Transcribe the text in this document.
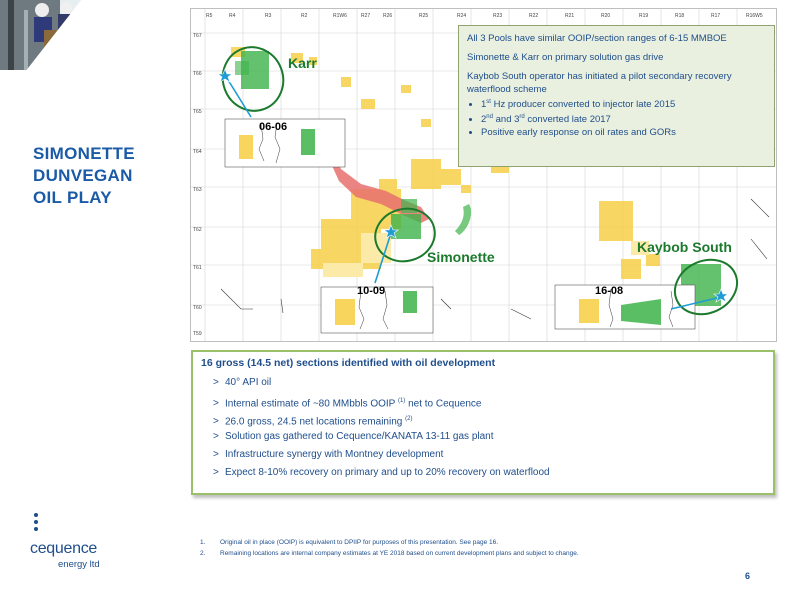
SIMONETTE
DUNVEGAN
OIL PLAY
R5	R4	R3	R2	R1W6	R27	R26	R25	R24	R23	R22	R21	R20	R19	R18	R17	R16W5
T67
T66
T65
T64
T63
T62
T61
T60
T59
Karr
Simonette
Kaybob South
06-06
10-09	16-08

All 3 Pools have similar OOIP/section ranges of 6-15 MMBOE

Simonette & Karr on primary solution gas drive

Kaybob South operator has initiated a pilot secondary recovery waterflood scheme

• 1st Hz producer converted to injector late 2015
• 2nd and 3rd converted late 2017
• Positive early response on oil rates and GORs
16 gross (14.5 net) sections identified with oil development
> 40° API oil
> Internal estimate of ~80 MMbbls OOIP $^{(1)}$ net to Cequence
> 26.0 gross, 24.5 net locations remaining $^{(2)}$
> Solution gas gathered to Cequence/KANATA 13-11 gas plant
> Infrastructure synergy with Montney development
> Expect 8-10% recovery on primary and up to 20% recovery on waterflood
cequence
energy ltd
1. Original oil in place (OOIP) is equivalent to DPIIP for purposes of this presentation. See page 16.
2. Remaining locations are internal company estimates at YE 2018 based on current development plans and subject to change.
6
